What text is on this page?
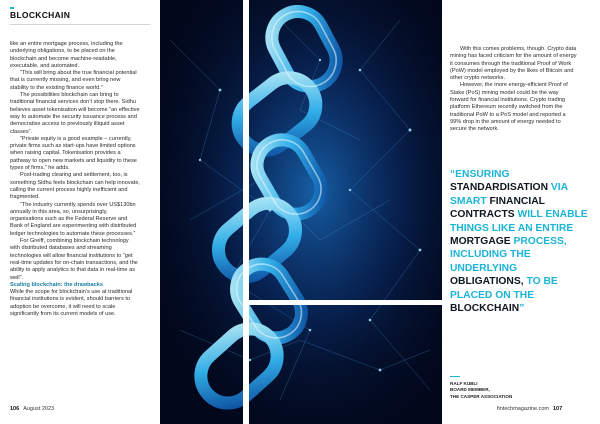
BLOCKCHAIN

like an entire mortgage process, including the underlying obligations, to be placed on the blockchain and become machine-readable, executable, and automated.

“This will bring about the true financial potential that is currently missing, and even bring new stability to the existing finance world.”

The possibilities blockchain can bring to traditional financial services don’t stop there. Sidhu believes asset tokenisation will become “an effective way to automate the security issuance process and democratise access to previously illiquid asset classes”.

“Private equity is a good example – currently, private firms such as start-ups have limited options when raising capital. Tokenisation provides a pathway to open new markets and liquidity to these types of firms,” he adds.

Post-trading clearing and settlement, too, is something Sidhu feels blockchain can help innovate, calling the current process highly inefficient and fragmented.

“The industry currently spends over US$130bn annually in this area, so, unsurprisingly, organisations such as the Federal Reserve and Bank of England are experimenting with distributed ledger technologies to automate these processes.”

For Greiff, combining blockchain technology with distributed databases and streaming technologies will allow financial institutions to “get real-time updates for on-chain transactions, and the ability to apply analytics to that data in real-time as well”.

Scaling blockchain: the drawbacks

While the scope for blockchain’s use at traditional financial institutions is evident, should barriers to adoption be overcome, it will need to scale significantly from its current models of use.

With this comes problems, though. Crypto data mining has faced criticism for the amount of energy it consumes through the traditional Proof of Work (PoW) model employed by the likes of Bitcoin and other crypto networks.

However, the more energy-efficient Proof of Stake (PoS) mining model could be the way forward for financial institutions. Crypto trading platform Ethereum recently switched from the traditional PoW to a PoS model and reported a 99% drop in the amount of energy needed to secure the network.

“ENSURING STANDARDISATION VIA SMART FINANCIAL CONTRACTS WILL ENABLE THINGS LIKE AN ENTIRE MORTGAGE PROCESS, INCLUDING THE UNDERLYING OBLIGATIONS, TO BE PLACED ON THE BLOCKCHAIN”
RALF KUBLI
BOARD MEMBER,
THE CASPER ASSOCIATION
106 August 2023	fintechmagazine.com 107
